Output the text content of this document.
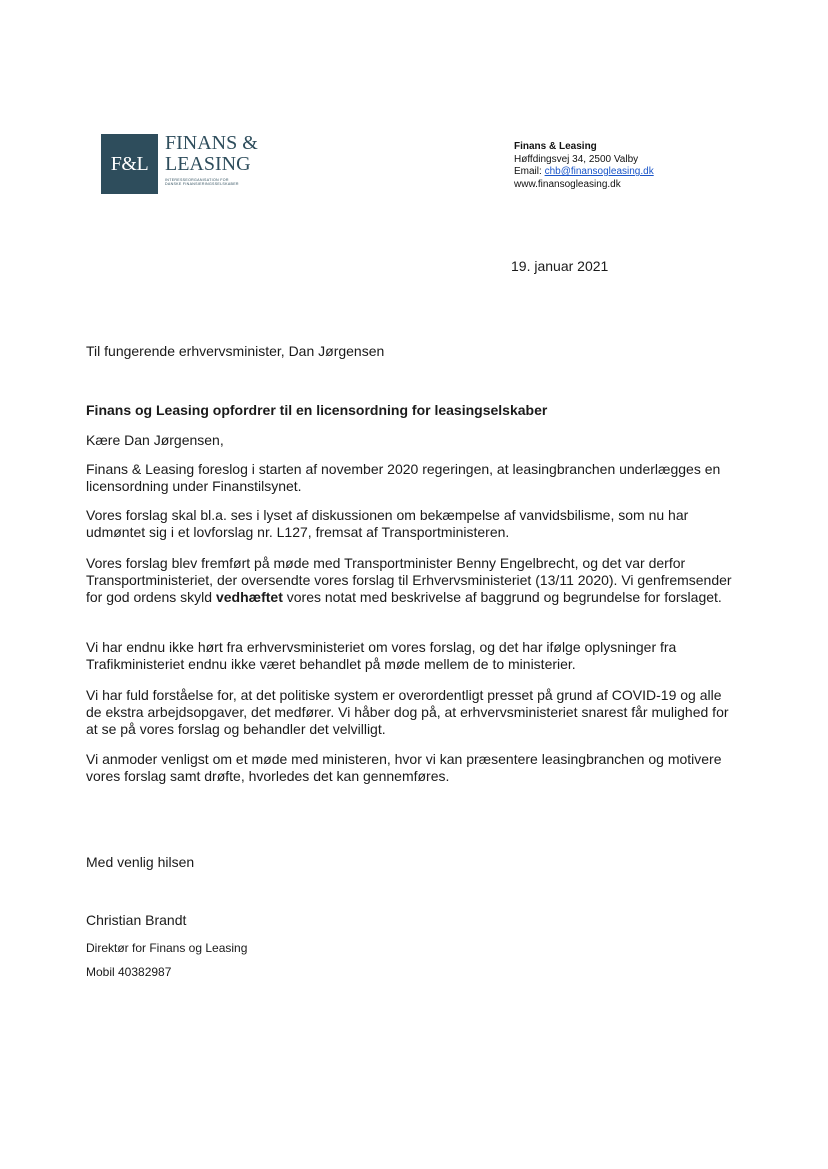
F&L
FINANS &
LEASING
INTERESSEORGANISATION FOR
DANSKE FINANSIERINGSSELSKABER
Finans & Leasing
Høffdingsvej 34, 2500 Valby
Email: chb@finansogleasing.dk
www.finansogleasing.dk
19. januar 2021
Til fungerende erhvervsminister, Dan Jørgensen
Finans og Leasing opfordrer til en licensordning for leasingselskaber
Kære Dan Jørgensen,
Finans & Leasing foreslog i starten af november 2020 regeringen, at leasingbranchen underlægges en licensordning under Finanstilsynet.
Vores forslag skal bl.a. ses i lyset af diskussionen om bekæmpelse af vanvidsbilisme, som nu har udmøntet sig i et lovforslag nr. L127, fremsat af Transportministeren.
Vores forslag blev fremført på møde med Transportminister Benny Engelbrecht, og det var derfor Transportministeriet, der oversendte vores forslag til Erhvervsministeriet (13/11 2020). Vi genfremsender for god ordens skyld vedhæftet vores notat med beskrivelse af baggrund og begrundelse for forslaget.
Vi har endnu ikke hørt fra erhvervsministeriet om vores forslag, og det har ifølge oplysninger fra Trafikministeriet endnu ikke været behandlet på møde mellem de to ministerier.
Vi har fuld forståelse for, at det politiske system er overordentligt presset på grund af COVID-19 og alle de ekstra arbejdsopgaver, det medfører. Vi håber dog på, at erhvervsministeriet snarest får mulighed for at se på vores forslag og behandler det velvilligt.
Vi anmoder venligst om et møde med ministeren, hvor vi kan præsentere leasingbranchen og motivere vores forslag samt drøfte, hvorledes det kan gennemføres.
Med venlig hilsen
Christian Brandt
Direktør for Finans og Leasing
Mobil 40382987
